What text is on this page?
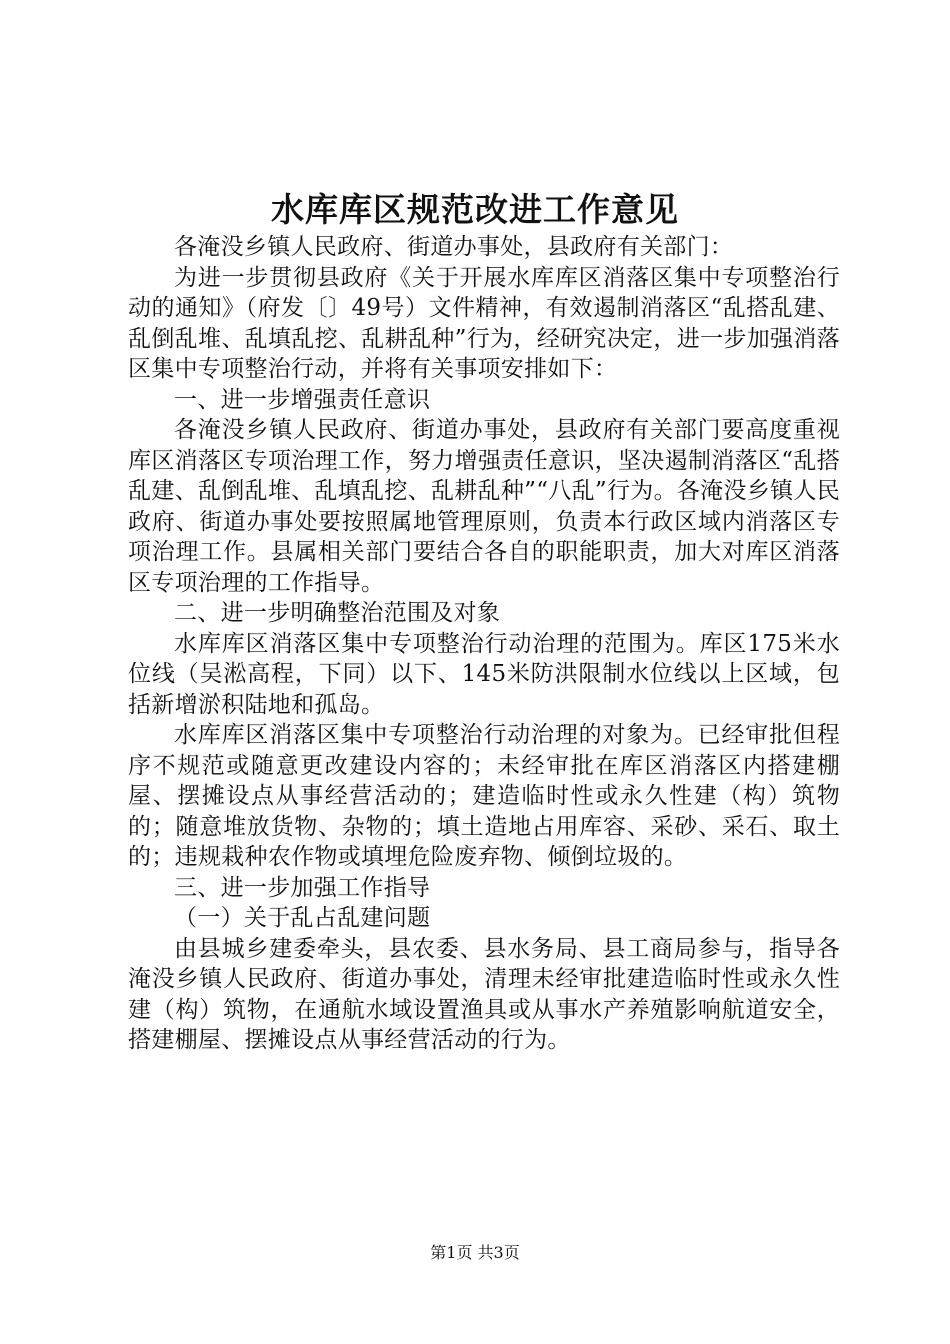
水库库区规范改进工作意见

各淹没乡镇人民政府、街道办事处，县政府有关部门：

为进一步贯彻县政府《关于开展水库库区消落区集中专项整治行动的通知》（府发〔〕49号）文件精神，有效遏制消落区“乱搭乱建、乱倒乱堆、乱填乱挖、乱耕乱种”行为，经研究决定，进一步加强消落区集中专项整治行动，并将有关事项安排如下：

一、进一步增强责任意识

各淹没乡镇人民政府、街道办事处，县政府有关部门要高度重视库区消落区专项治理工作，努力增强责任意识，坚决遏制消落区“乱搭乱建、乱倒乱堆、乱填乱挖、乱耕乱种”“八乱”行为。各淹没乡镇人民政府、街道办事处要按照属地管理原则，负责本行政区域内消落区专项治理工作。县属相关部门要结合各自的职能职责，加大对库区消落区专项治理的工作指导。

二、进一步明确整治范围及对象

水库库区消落区集中专项整治行动治理的范围为。库区175米水位线（吴淞高程，下同）以下、145米防洪限制水位线以上区域，包括新增淤积陆地和孤岛。

水库库区消落区集中专项整治行动治理的对象为。已经审批但程序不规范或随意更改建设内容的；未经审批在库区消落区内搭建棚屋、摆摊设点从事经营活动的；建造临时性或永久性建（构）筑物的；随意堆放货物、杂物的；填土造地占用库容、采砂、采石、取土的；违规栽种农作物或填埋危险废弃物、倾倒垃圾的。

三、进一步加强工作指导

（一）关于乱占乱建问题

由县城乡建委牵头，县农委、县水务局、县工商局参与，指导各淹没乡镇人民政府、街道办事处，清理未经审批建造临时性或永久性建（构）筑物，在通航水域设置渔具或从事水产养殖影响航道安全，搭建棚屋、摆摊设点从事经营活动的行为。

第1页 共3页
